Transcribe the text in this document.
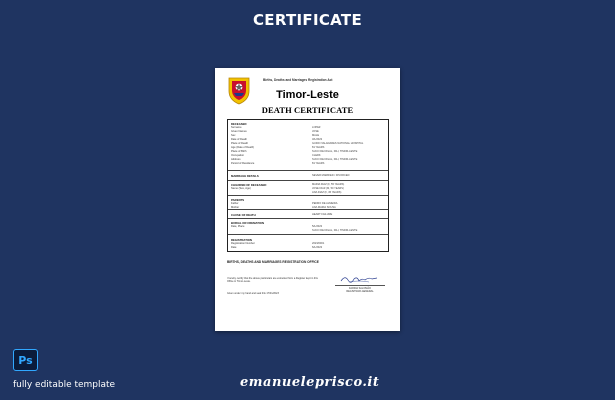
CERTIFICATE
Births, Deaths and Marriages Registration Act
Timor-Leste
DEATH CERTIFICATE
DECEASED
Surname	LOPEZ
Given Names	JOSE
Sex	MALE
Date of Death	3/1/2023
Place of Death	GUIDO VALADARES NATIONAL HOSPITAL
Age (Date of Death)	81 YEARS
Place of Birth	SUCO DE DIGAL, DILI, TIMOR-LESTE
Occupation	CLERK
Address	SUCO DE DIGAL, DILI, TIMOR-LESTE
Period of Residence	81 YEARS
MARRIAGE DETAILS	NEVER MARRIED / DIVORCED
CHILDREN OF DECEASED
Name (Sex, Age)
MARIA DIAZ (F, 55 YEARS)
JOSE DIAZ (M, 50 YEARS)
ANA DIAZ (F, 45 YEARS)
PARENTS
Father	PEDRO DE ALMEIDA
Mother	ANA MARIA SOUSA
CAUSE OF DEATH	HEART FAILURE
BURIAL OR CREMATION
Date, Place	5/1/2023
SUCO DE DIGAL, DILI, TIMOR-LESTE
REGISTRATION
Registration Number	2023/0001
Date	6/1/2023
BIRTHS, DEATHS AND MARRIAGES REGISTRATION OFFICE
I hereby certify that the above particulars are extracted from a Register kept in this Office in Timor-Leste.
Given under my hand and seal this 17/01/2023
FARIDA SALOMÃO
REGISTRAR-GENERAL
Ps
fully editable template	emanueleprisco.it
